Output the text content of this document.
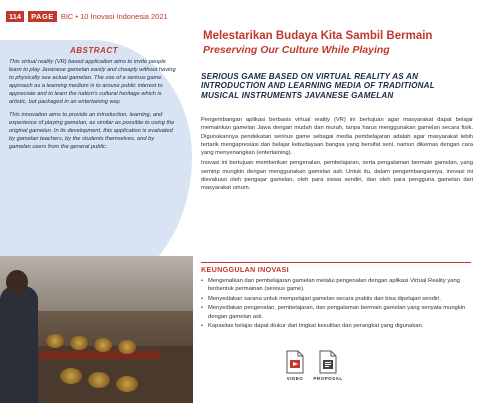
114	PAGE BIC • 10 Inovasi Indonesia 2021
ABSTRACT

This virtual reality (VR) based application aims to invite people learn to play Javanese gamelan easily and cheaply without having to physically see actual gamelan. The use of a serious game approach as a learning medium is to arouse public interest to appreciate and to learn the nation's cultural heritage which is artistic, but packaged in an entertaining way.

This innovation aims to provide an introduction, learning, and experience of playing gamelan, as similar as possible to using the original gamelan. In its development, this application is evaluated by gamelan teachers, by the students themselves, and by gamelan users from the general public.

Melestarikan Budaya Kita Sambil Bermain
Preserving Our Culture While Playing
SERIOUS GAME BASED ON VIRTUAL REALITY AS AN INTRODUCTION AND LEARNING MEDIA OF TRADITIONAL MUSICAL INSTRUMENTS JAVANESE GAMELAN

Pengembangan aplikasi berbasis virtual reality (VR) ini bertujuan agar masyarakat dapat belajar memainkan gamelan Jawa dengan mudah dan murah, tanpa harus menggunakan gamelan secara fisik. Digunakannya pendekatan serious game sebagai media pembelajaran adalah agar masyarakat lebih tertarik mengapresiasi dan belajar kebudayaan bangsa yang bersifat seni, namun dikemas dengan cara yang menyenangkan (entertaining).

Inovasi ini bertujuan memberikan pengenalan, pembelajaran, serta pengalaman bermain gamelan, yang semirip mungkin dengan menggunakan gamelan asli. Untuk itu, dalam pengembangannya, inovasi ini dievaluasi oleh pengajar gamelan, oleh para siswa sendiri, dan oleh para pengguna gamelan dari masyarakat umum.

KEUNGGULAN INOVASI
• Mengenalkan dan pembelajaran gamelan melalui pengenalan dengan aplikasi Virtual Reality yang berbentuk permainan (serious game).
• Menyediakan sarana untuk mempelajari gamelan secara praktis dan bisa dipelajari sendiri.
• Menyediakan pengenalan, pembelajaran, dan pengalaman bermain gamelan yang senyata mungkin dengan gamelan asli.
• Kapasitas belajar dapat diukur dari tingkat kesulitan dan perangkat yang digunakan.
VIDEO	PROPOSAL
